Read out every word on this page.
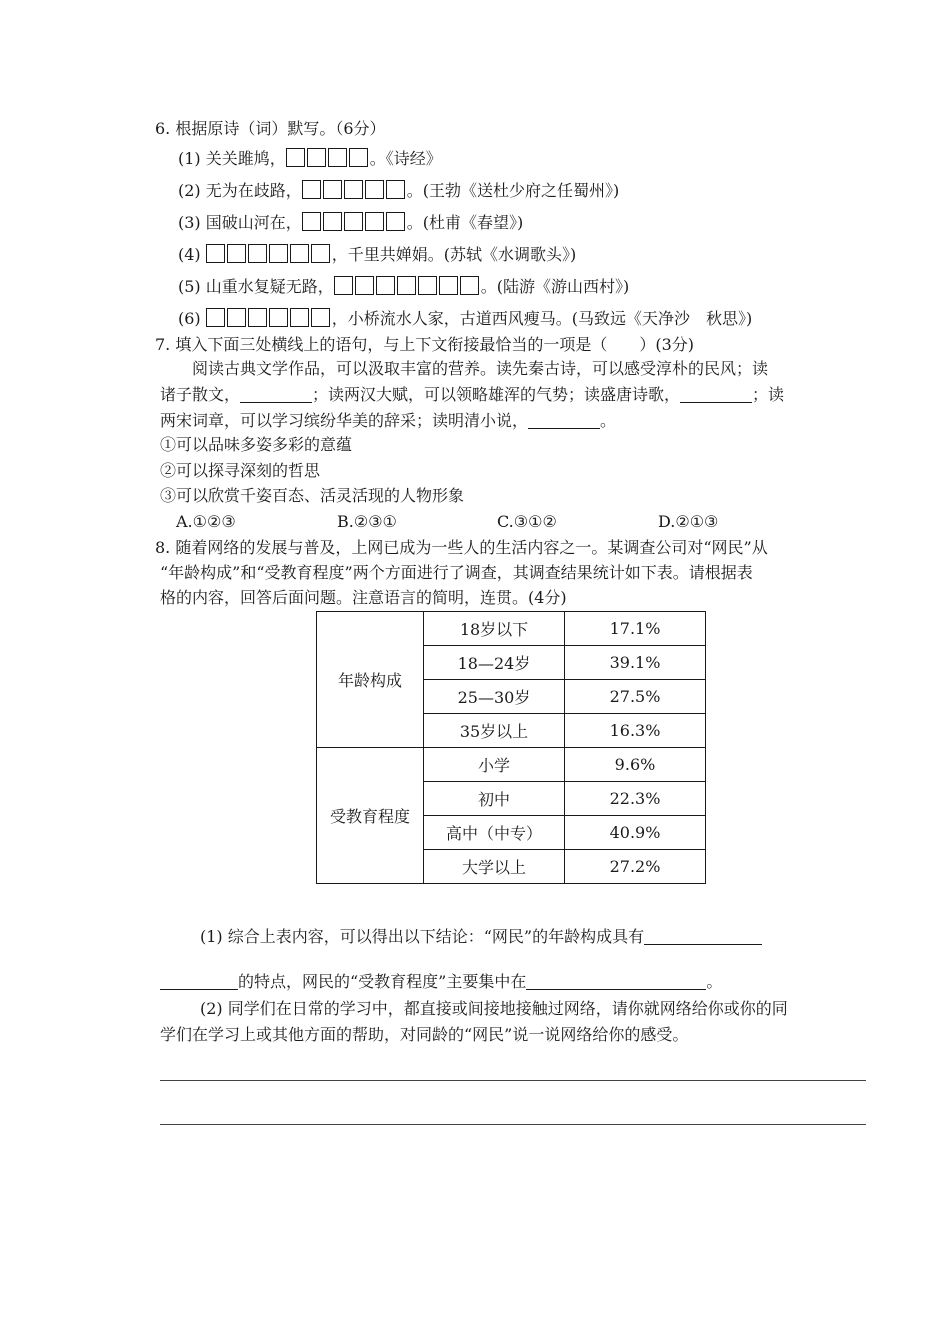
6. 根据原诗（词）默写。（6分）
(1) 关关雎鸠，	。《诗经》
(2) 无为在歧路，	。(王勃《送杜少府之任蜀州》)
(3) 国破山河在，	。(杜甫《春望》)
(4)	，千里共婵娟。(苏轼《水调歌头》)
(5) 山重水复疑无路，	。(陆游《游山西村》)
(6)	，小桥流水人家，古道西风瘦马。(马致远《天净沙　秋思》)
7. 填入下面三处横线上的语句，与上下文衔接最恰当的一项是（　　）(3分)
阅读古典文学作品，可以汲取丰富的营养。读先秦古诗，可以感受淳朴的民风；读
诸子散文，	；读两汉大赋，可以领略雄浑的气势；读盛唐诗歌，	；读
两宋词章，可以学习缤纷华美的辞采；读明清小说，	。
①可以品味多姿多彩的意蕴
②可以探寻深刻的哲思
③可以欣赏千姿百态、活灵活现的人物形象
A.①②③	B.②③①	C.③①②	D.②①③
8. 随着网络的发展与普及，上网已成为一些人的生活内容之一。某调查公司对“网民”从
“年龄构成”和“受教育程度”两个方面进行了调查，其调查结果统计如下表。请根据表
格的内容，回答后面问题。注意语言的简明，连贯。(4分)
年龄构成	18岁以下	17.1%
	18—24岁	39.1%
	25—30岁	27.5%
	35岁以上	16.3%
受教育程度	小学	9.6%
	初中	22.3%
	高中（中专）	40.9%
	大学以上	27.2%
(1) 综合上表内容，可以得出以下结论：“网民”的年龄构成具有
的特点，网民的“受教育程度”主要集中在	。
(2) 同学们在日常的学习中，都直接或间接地接触过网络，请你就网络给你或你的同
学们在学习上或其他方面的帮助，对同龄的“网民”说一说网络给你的感受。
